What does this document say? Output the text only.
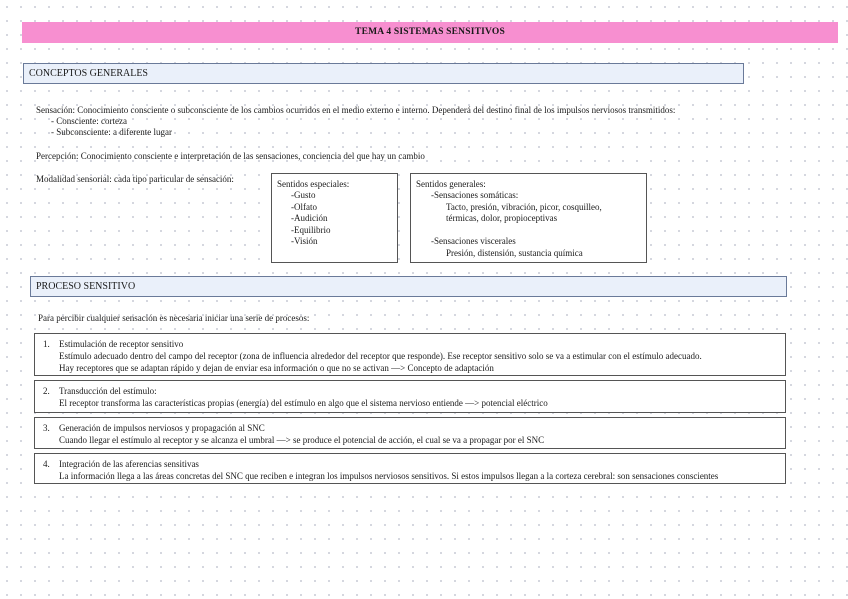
TEMA 4 SISTEMAS SENSITIVOS
CONCEPTOS GENERALES
Sensación: Conocimiento consciente o subconsciente de los cambios ocurridos en el medio externo e interno. Dependerá del destino final de los impulsos nerviosos transmitidos:
- Consciente: corteza
- Subconsciente: a diferente lugar
Percepción: Conocimiento consciente e interpretación de las sensaciones, conciencia del que hay un cambio
Modalidad sensorial: cada tipo particular de sensación:	Sentidos especiales:
-Gusto
-Olfato
-Audición
-Equilibrio
-Visión
Sentidos generales:
-Sensaciones somáticas:
Tacto, presión, vibración, picor, cosquilleo,
térmicas, dolor, propioceptivas
-Sensaciones viscerales
Presión, distensión, sustancia química
PROCESO SENSITIVO
Para percibir cualquier sensación es necesaria iniciar una serie de procesos:
1. Estimulación de receptor sensitivo
Estímulo adecuado dentro del campo del receptor (zona de influencia alrededor del receptor que responde). Ese receptor sensitivo solo se va a estimular con el estímulo adecuado.
Hay receptores que se adaptan rápido y dejan de enviar esa información o que no se activan —> Concepto de adaptación
2. Transducción del estímulo:
El receptor transforma las características propias (energía) del estímulo en algo que el sistema nervioso entiende —> potencial eléctrico
3. Generación de impulsos nerviosos y propagación al SNC
Cuando llegar el estímulo al receptor y se alcanza el umbral —> se produce el potencial de acción, el cual se va a propagar por el SNC
4. Integración de las aferencias sensitivas
La información llega a las áreas concretas del SNC que reciben e integran los impulsos nerviosos sensitivos. Si estos impulsos llegan a la corteza cerebral: son sensaciones conscientes
